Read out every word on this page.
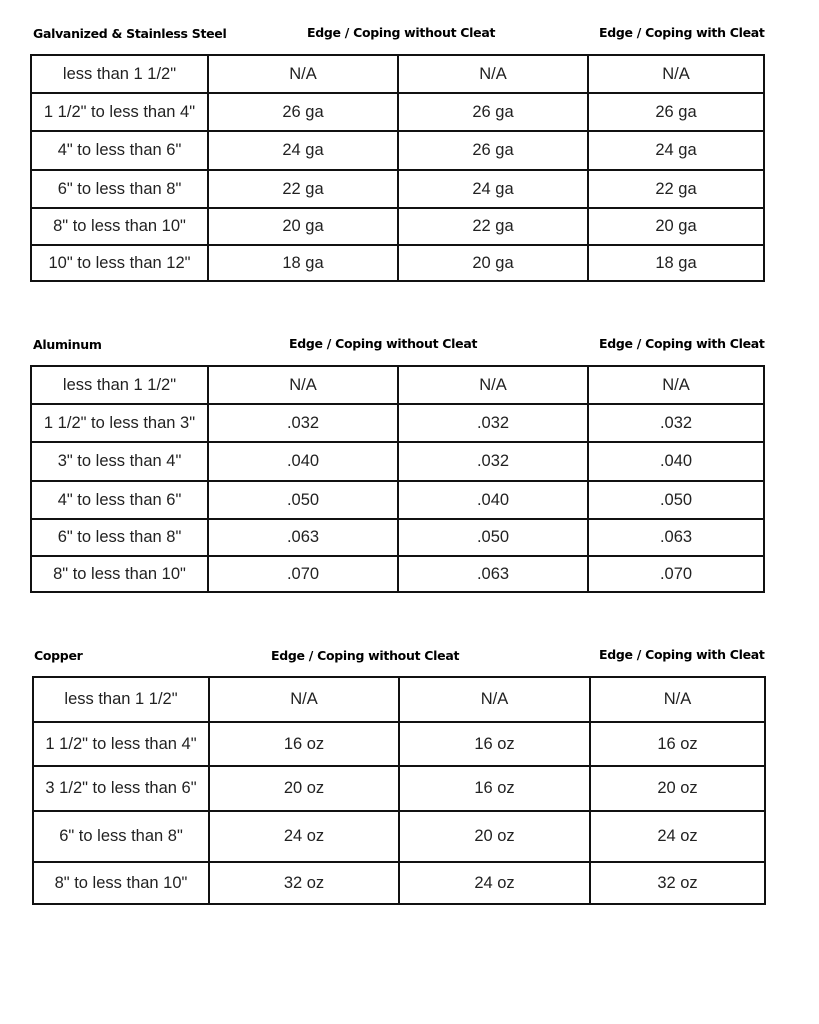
Galvanized & Stainless Steel	Edge / Coping without Cleat	Edge / Coping with Cleat
less than 1 1/2"	N/A	N/A	N/A
1 1/2" to less than 4"	26 ga	26 ga	26 ga
4" to less than 6"	24 ga	26 ga	24 ga
6" to less than 8"	22 ga	24 ga	22 ga
8" to less than 10"	20 ga	22 ga	20 ga
10" to less than 12"	18 ga	20 ga	18 ga
Aluminum	Edge / Coping without Cleat	Edge / Coping with Cleat
less than 1 1/2"	N/A	N/A	N/A
1 1/2" to less than 3"	.032	.032	.032
3" to less than 4"	.040	.032	.040
4" to less than 6"	.050	.040	.050
6" to less than 8"	.063	.050	.063
8" to less than 10"	.070	.063	.070
Copper	Edge / Coping without Cleat	Edge / Coping with Cleat
less than 1 1/2"	N/A	N/A	N/A
1 1/2" to less than 4"	16 oz	16 oz	16 oz
3 1/2" to less than 6"	20 oz	16 oz	20 oz
6" to less than 8"	24 oz	20 oz	24 oz
8" to less than 10"	32 oz	24 oz	32 oz
